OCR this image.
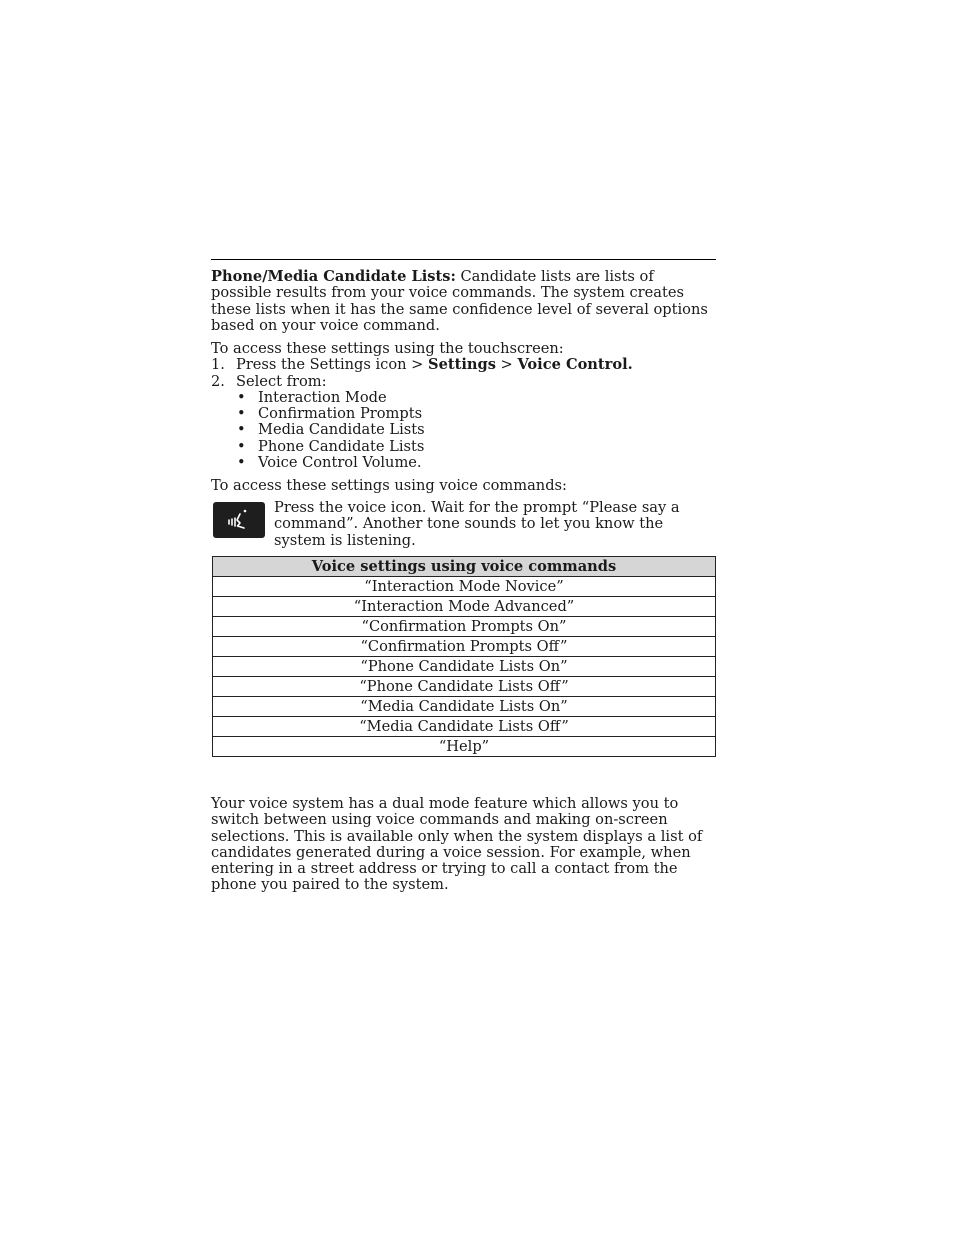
Phone/Media Candidate Lists: Candidate lists are lists of possible results from your voice commands. The system creates these lists when it has the same confidence level of several options based on your voice command.
To access these settings using the touchscreen:
1. Press the Settings icon > Settings > Voice Control.
2. Select from:
• Interaction Mode
• Confirmation Prompts
• Media Candidate Lists
• Phone Candidate Lists
• Voice Control Volume.
To access these settings using voice commands:
Press the voice icon. Wait for the prompt “Please say a command”. Another tone sounds to let you know the system is listening.
Voice settings using voice commands
“Interaction Mode Novice”
“Interaction Mode Advanced”
“Confirmation Prompts On”
“Confirmation Prompts Off”
“Phone Candidate Lists On”
“Phone Candidate Lists Off”
“Media Candidate Lists On”
“Media Candidate Lists Off”
“Help”
Your voice system has a dual mode feature which allows you to switch between using voice commands and making on-screen selections. This is available only when the system displays a list of candidates generated during a voice session. For example, when entering in a street address or trying to call a contact from the phone you paired to the system.
